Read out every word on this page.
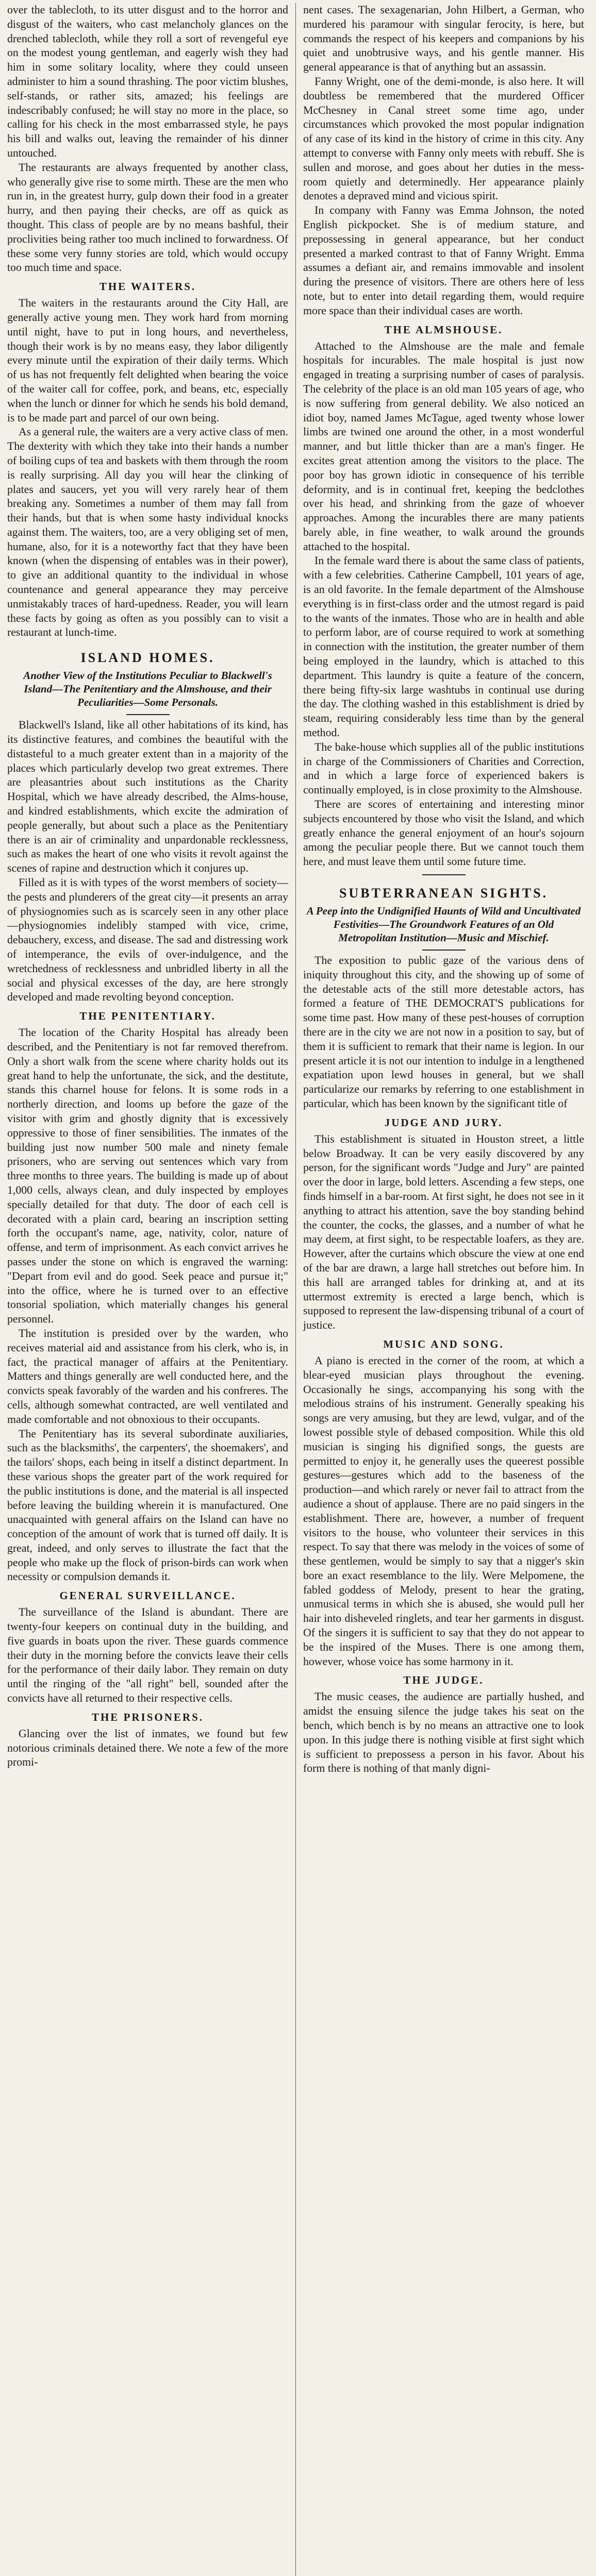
over the tablecloth, to its utter disgust and to the horror and disgust of the waiters, who cast melancholy glances on the drenched tablecloth, while they roll a sort of revengeful eye on the modest young gentleman, and eagerly wish they had him in some solitary locality, where they could unseen administer to him a sound thrashing. The poor victim blushes, self-stands, or rather sits, amazed; his feelings are indescribably confused; he will stay no more in the place, so calling for his check in the most embarrassed style, he pays his bill and walks out, leaving the remainder of his dinner untouched.

The restaurants are always frequented by another class, who generally give rise to some mirth. These are the men who run in, in the greatest hurry, gulp down their food in a greater hurry, and then paying their checks, are off as quick as thought. This class of people are by no means bashful, their proclivities being rather too much inclined to forwardness. Of these some very funny stories are told, which would occupy too much time and space.

THE WAITERS.

The waiters in the restaurants around the City Hall, are generally active young men. They work hard from morning until night, have to put in long hours, and nevertheless, though their work is by no means easy, they labor diligently every minute until the expiration of their daily terms. Which of us has not frequently felt delighted when bearing the voice of the waiter call for coffee, pork, and beans, etc, especially when the lunch or dinner for which he sends his bold demand, is to be made part and parcel of our own being.

As a general rule, the waiters are a very active class of men. The dexterity with which they take into their hands a number of boiling cups of tea and baskets with them through the room is really surprising. All day you will hear the clinking of plates and saucers, yet you will very rarely hear of them breaking any. Sometimes a number of them may fall from their hands, but that is when some hasty individual knocks against them. The waiters, too, are a very obliging set of men, humane, also, for it is a noteworthy fact that they have been known (when the dispensing of entables was in their power), to give an additional quantity to the individual in whose countenance and general appearance they may perceive unmistakably traces of hard-upedness. Reader, you will learn these facts by going as often as you possibly can to visit a restaurant at lunch-time.

ISLAND HOMES.
Another View of the Institutions Peculiar to Blackwell's Island—The Penitentiary and the Almshouse, and their Peculiarities—Some Personals.

Blackwell's Island, like all other habitations of its kind, has its distinctive features, and combines the beautiful with the distasteful to a much greater extent than in a majority of the places which particularly develop two great extremes. There are pleasantries about such institutions as the Charity Hospital, which we have already described, the Alms-house, and kindred establishments, which excite the admiration of people generally, but about such a place as the Penitentiary there is an air of criminality and unpardonable recklessness, such as makes the heart of one who visits it revolt against the scenes of rapine and destruction which it conjures up.

Filled as it is with types of the worst members of society—the pests and plunderers of the great city—it presents an array of physiognomies such as is scarcely seen in any other place—physiognomies indelibly stamped with vice, crime, debauchery, excess, and disease. The sad and distressing work of intemperance, the evils of over-indulgence, and the wretchedness of recklessness and unbridled liberty in all the social and physical excesses of the day, are here strongly developed and made revolting beyond conception.

THE PENITENTIARY.

The location of the Charity Hospital has already been described, and the Penitentiary is not far removed therefrom. Only a short walk from the scene where charity holds out its great hand to help the unfortunate, the sick, and the destitute, stands this charnel house for felons. It is some rods in a northerly direction, and looms up before the gaze of the visitor with grim and ghostly dignity that is excessively oppressive to those of finer sensibilities. The inmates of the building just now number 500 male and ninety female prisoners, who are serving out sentences which vary from three months to three years. The building is made up of about 1,000 cells, always clean, and duly inspected by employes specially detailed for that duty. The door of each cell is decorated with a plain card, bearing an inscription setting forth the occupant's name, age, nativity, color, nature of offense, and term of imprisonment. As each convict arrives he passes under the stone on which is engraved the warning: "Depart from evil and do good. Seek peace and pursue it;" into the office, where he is turned over to an effective tonsorial spoliation, which materially changes his general personnel.

The institution is presided over by the warden, who receives material aid and assistance from his clerk, who is, in fact, the practical manager of affairs at the Penitentiary. Matters and things generally are well conducted here, and the convicts speak favorably of the warden and his confreres. The cells, although somewhat contracted, are well ventilated and made comfortable and not obnoxious to their occupants.

The Penitentiary has its several subordinate auxiliaries, such as the blacksmiths', the carpenters', the shoemakers', and the tailors' shops, each being in itself a distinct department. In these various shops the greater part of the work required for the public institutions is done, and the material is all inspected before leaving the building wherein it is manufactured. One unacquainted with general affairs on the Island can have no conception of the amount of work that is turned off daily. It is great, indeed, and only serves to illustrate the fact that the people who make up the flock of prison-birds can work when necessity or compulsion demands it.

GENERAL SURVEILLANCE.

The surveillance of the Island is abundant. There are twenty-four keepers on continual duty in the building, and five guards in boats upon the river. These guards commence their duty in the morning before the convicts leave their cells for the performance of their daily labor. They remain on duty until the ringing of the "all right" bell, sounded after the convicts have all returned to their respective cells.

THE PRISONERS.

Glancing over the list of inmates, we found but few notorious criminals detained there. We note a few of the more promi-

nent cases. The sexagenarian, John Hilbert, a German, who murdered his paramour with singular ferocity, is here, but commands the respect of his keepers and companions by his quiet and unobtrusive ways, and his gentle manner. His general appearance is that of anything but an assassin.

Fanny Wright, one of the demi-monde, is also here. It will doubtless be remembered that the murdered Officer McChesney in Canal street some time ago, under circumstances which provoked the most popular indignation of any case of its kind in the history of crime in this city. Any attempt to converse with Fanny only meets with rebuff. She is sullen and morose, and goes about her duties in the mess-room quietly and determinedly. Her appearance plainly denotes a depraved mind and vicious spirit.

In company with Fanny was Emma Johnson, the noted English pickpocket. She is of medium stature, and prepossessing in general appearance, but her conduct presented a marked contrast to that of Fanny Wright. Emma assumes a defiant air, and remains immovable and insolent during the presence of visitors. There are others here of less note, but to enter into detail regarding them, would require more space than their individual cases are worth.

THE ALMSHOUSE.

Attached to the Almshouse are the male and female hospitals for incurables. The male hospital is just now engaged in treating a surprising number of cases of paralysis. The celebrity of the place is an old man 105 years of age, who is now suffering from general debility. We also noticed an idiot boy, named James McTague, aged twenty whose lower limbs are twined one around the other, in a most wonderful manner, and but little thicker than are a man's finger. He excites great attention among the visitors to the place. The poor boy has grown idiotic in consequence of his terrible deformity, and is in continual fret, keeping the bedclothes over his head, and shrinking from the gaze of whoever approaches. Among the incurables there are many patients barely able, in fine weather, to walk around the grounds attached to the hospital.

In the female ward there is about the same class of patients, with a few celebrities. Catherine Campbell, 101 years of age, is an old favorite. In the female department of the Almshouse everything is in first-class order and the utmost regard is paid to the wants of the inmates. Those who are in health and able to perform labor, are of course required to work at something in connection with the institution, the greater number of them being employed in the laundry, which is attached to this department. This laundry is quite a feature of the concern, there being fifty-six large washtubs in continual use during the day. The clothing washed in this establishment is dried by steam, requiring considerably less time than by the general method.

The bake-house which supplies all of the public institutions in charge of the Commissioners of Charities and Correction, and in which a large force of experienced bakers is continually employed, is in close proximity to the Almshouse.

There are scores of entertaining and interesting minor subjects encountered by those who visit the Island, and which greatly enhance the general enjoyment of an hour's sojourn among the peculiar people there. But we cannot touch them here, and must leave them until some future time.

SUBTERRANEAN SIGHTS.
A Peep into the Undignified Haunts of Wild and Uncultivated Festivities—The Groundwork Features of an Old Metropolitan Institution—Music and Mischief.

The exposition to public gaze of the various dens of iniquity throughout this city, and the showing up of some of the detestable acts of the still more detestable actors, has formed a feature of THE DEMOCRAT'S publications for some time past. How many of these pest-houses of corruption there are in the city we are not now in a position to say, but of them it is sufficient to remark that their name is legion. In our present article it is not our intention to indulge in a lengthened expatiation upon lewd houses in general, but we shall particularize our remarks by referring to one establishment in particular, which has been known by the significant title of

JUDGE AND JURY.

This establishment is situated in Houston street, a little below Broadway. It can be very easily discovered by any person, for the significant words "Judge and Jury" are painted over the door in large, bold letters. Ascending a few steps, one finds himself in a bar-room. At first sight, he does not see in it anything to attract his attention, save the boy standing behind the counter, the cocks, the glasses, and a number of what he may deem, at first sight, to be respectable loafers, as they are. However, after the curtains which obscure the view at one end of the bar are drawn, a large hall stretches out before him. In this hall are arranged tables for drinking at, and at its uttermost extremity is erected a large bench, which is supposed to represent the law-dispensing tribunal of a court of justice.

MUSIC AND SONG.

A piano is erected in the corner of the room, at which a blear-eyed musician plays throughout the evening. Occasionally he sings, accompanying his song with the melodious strains of his instrument. Generally speaking his songs are very amusing, but they are lewd, vulgar, and of the lowest possible style of debased composition. While this old musician is singing his dignified songs, the guests are permitted to enjoy it, he generally uses the queerest possible gestures—gestures which add to the baseness of the production—and which rarely or never fail to attract from the audience a shout of applause. There are no paid singers in the establishment. There are, however, a number of frequent visitors to the house, who volunteer their services in this respect. To say that there was melody in the voices of some of these gentlemen, would be simply to say that a nigger's skin bore an exact resemblance to the lily. Were Melpomene, the fabled goddess of Melody, present to hear the grating, unmusical terms in which she is abused, she would pull her hair into disheveled ringlets, and tear her garments in disgust. Of the singers it is sufficient to say that they do not appear to be the inspired of the Muses. There is one among them, however, whose voice has some harmony in it.

THE JUDGE.

The music ceases, the audience are partially hushed, and amidst the ensuing silence the judge takes his seat on the bench, which bench is by no means an attractive one to look upon. In this judge there is nothing visible at first sight which is sufficient to prepossess a person in his favor. About his form there is nothing of that manly digni-
